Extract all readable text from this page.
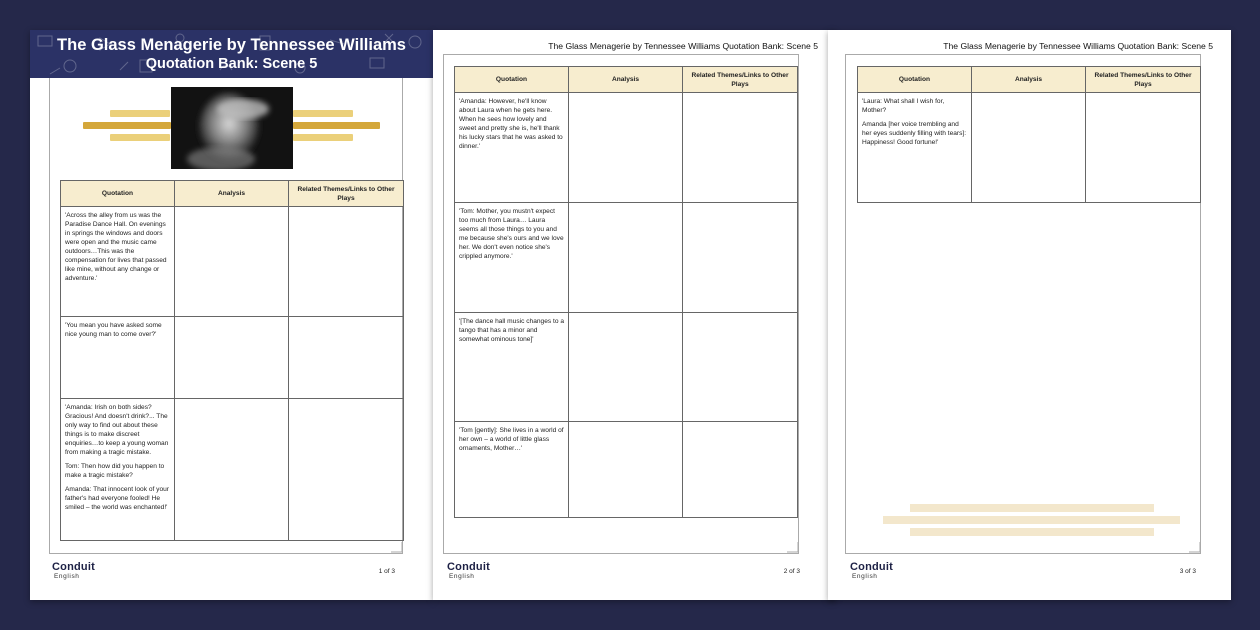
The Glass Menagerie by Tennessee Williams
Quotation Bank: Scene 5
Quotation	Analysis	Related Themes/Links to Other Plays

'Across the alley from us was the Paradise Dance Hall. On evenings in springs the windows and doors were open and the music came outdoors…This was the compensation for lives that passed like mine, without any change or adventure.'		

'You mean you have asked some nice young man to come over?'		

'Amanda: Irish on both sides? Gracious! And doesn't drink?... The only way to find out about these things is to make discreet enquiries…to keep a young woman from making a tragic mistake.

Tom: Then how did you happen to make a tragic mistake?

Amanda: That innocent look of your father's had everyone fooled! He smiled – the world was enchanted!'		

Conduit
English
1 of 3
The Glass Menagerie by Tennessee Williams Quotation Bank: Scene 5
Quotation	Analysis	Related Themes/Links to Other Plays

'Amanda: However, he'll know about Laura when he gets here. When he sees how lovely and sweet and pretty she is, he'll thank his lucky stars that he was asked to dinner.'		

'Tom: Mother, you mustn't expect too much from Laura… Laura seems all those things to you and me because she's ours and we love her. We don't even notice she's
crippled anymore.'		

'[The dance hall music changes to a tango that has a minor and somewhat ominous tone]'		

'Tom [gently]: She lives in a world of her own – a world of little glass ornaments, Mother…'		

Conduit
English
2 of 3
The Glass Menagerie by Tennessee Williams Quotation Bank: Scene 5
Quotation	Analysis	Related Themes/Links to Other Plays

'Laura: What shall I wish for, Mother?

Amanda [her voice trembling and her eyes suddenly filling with tears]: Happiness! Good fortune!'		

Conduit
English
3 of 3
